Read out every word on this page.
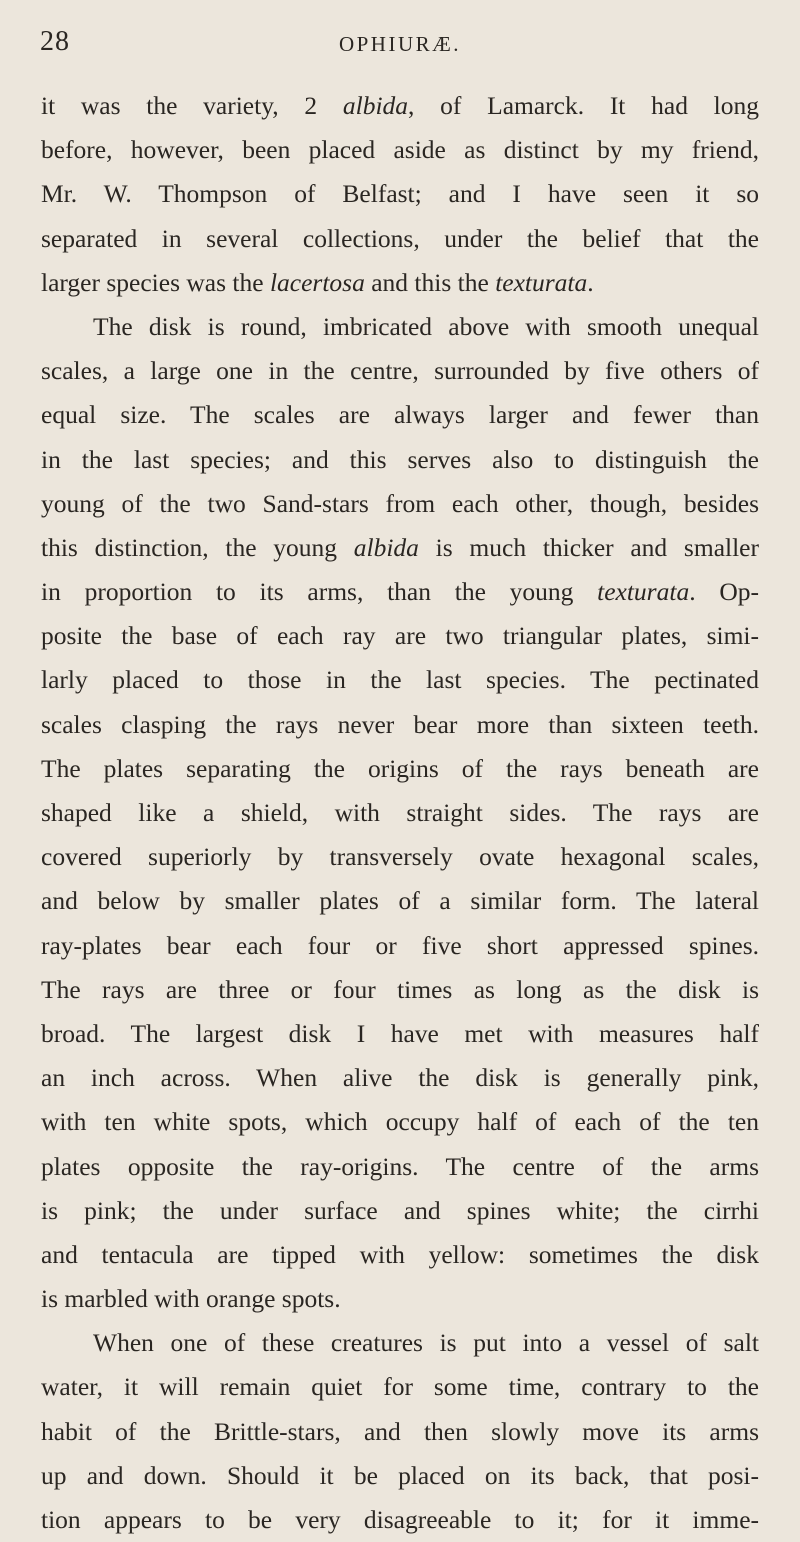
28	OPHIURÆ.
it was the variety, 2 albida, of Lamarck. It had long
before, however, been placed aside as distinct by my friend,
Mr. W. Thompson of Belfast; and I have seen it so
separated in several collections, under the belief that the
larger species was the lacertosa and this the texturata.
The disk is round, imbricated above with smooth unequal
scales, a large one in the centre, surrounded by five others of
equal size. The scales are always larger and fewer than
in the last species; and this serves also to distinguish the
young of the two Sand-stars from each other, though, besides
this distinction, the young albida is much thicker and smaller
in proportion to its arms, than the young texturata. Op-
posite the base of each ray are two triangular plates, simi-
larly placed to those in the last species. The pectinated
scales clasping the rays never bear more than sixteen teeth.
The plates separating the origins of the rays beneath are
shaped like a shield, with straight sides. The rays are
covered superiorly by transversely ovate hexagonal scales,
and below by smaller plates of a similar form. The lateral
ray-plates bear each four or five short appressed spines.
The rays are three or four times as long as the disk is
broad. The largest disk I have met with measures half
an inch across. When alive the disk is generally pink,
with ten white spots, which occupy half of each of the ten
plates opposite the ray-origins. The centre of the arms
is pink; the under surface and spines white; the cirrhi
and tentacula are tipped with yellow: sometimes the disk
is marbled with orange spots.
When one of these creatures is put into a vessel of salt
water, it will remain quiet for some time, contrary to the
habit of the Brittle-stars, and then slowly move its arms
up and down. Should it be placed on its back, that posi-
tion appears to be very disagreeable to it; for it imme-
